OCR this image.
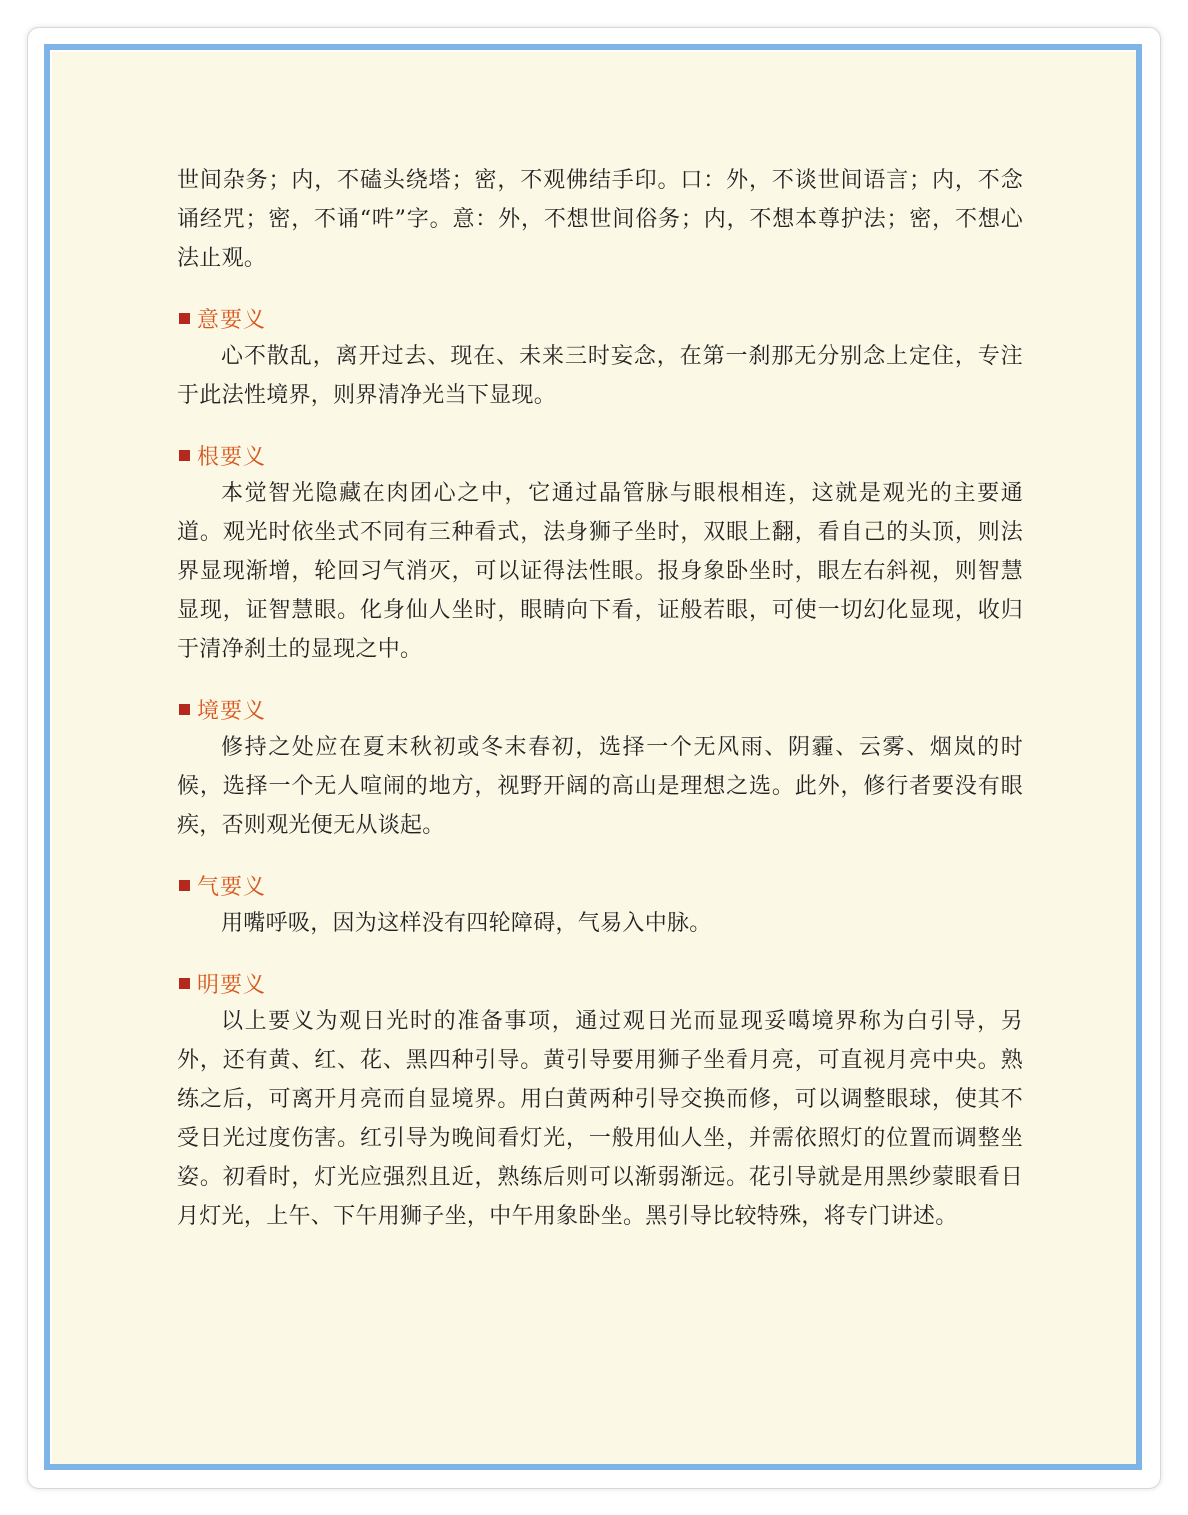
世间杂务；内，不磕头绕塔；密，不观佛结手印。口：外，不谈世间语言；内，不念诵经咒；密，不诵“吽”字。意：外，不想世间俗务；内，不想本尊护法；密，不想心法止观。

意要义

心不散乱，离开过去、现在、未来三时妄念，在第一刹那无分别念上定住，专注于此法性境界，则界清净光当下显现。

根要义

本觉智光隐藏在肉团心之中，它通过晶管脉与眼根相连，这就是观光的主要通道。观光时依坐式不同有三种看式，法身狮子坐时，双眼上翻，看自己的头顶，则法界显现渐增，轮回习气消灭，可以证得法性眼。报身象卧坐时，眼左右斜视，则智慧显现，证智慧眼。化身仙人坐时，眼睛向下看，证般若眼，可使一切幻化显现，收归于清净刹土的显现之中。

境要义

修持之处应在夏末秋初或冬末春初，选择一个无风雨、阴霾、云雾、烟岚的时候，选择一个无人喧闹的地方，视野开阔的高山是理想之选。此外，修行者要没有眼疾，否则观光便无从谈起。

气要义

用嘴呼吸，因为这样没有四轮障碍，气易入中脉。

明要义

以上要义为观日光时的准备事项，通过观日光而显现妥噶境界称为白引导，另外，还有黄、红、花、黑四种引导。黄引导要用狮子坐看月亮，可直视月亮中央。熟练之后，可离开月亮而自显境界。用白黄两种引导交换而修，可以调整眼球，使其不受日光过度伤害。红引导为晚间看灯光，一般用仙人坐，并需依照灯的位置而调整坐姿。初看时，灯光应强烈且近，熟练后则可以渐弱渐远。花引导就是用黑纱蒙眼看日月灯光，上午、下午用狮子坐，中午用象卧坐。黑引导比较特殊，将专门讲述。
